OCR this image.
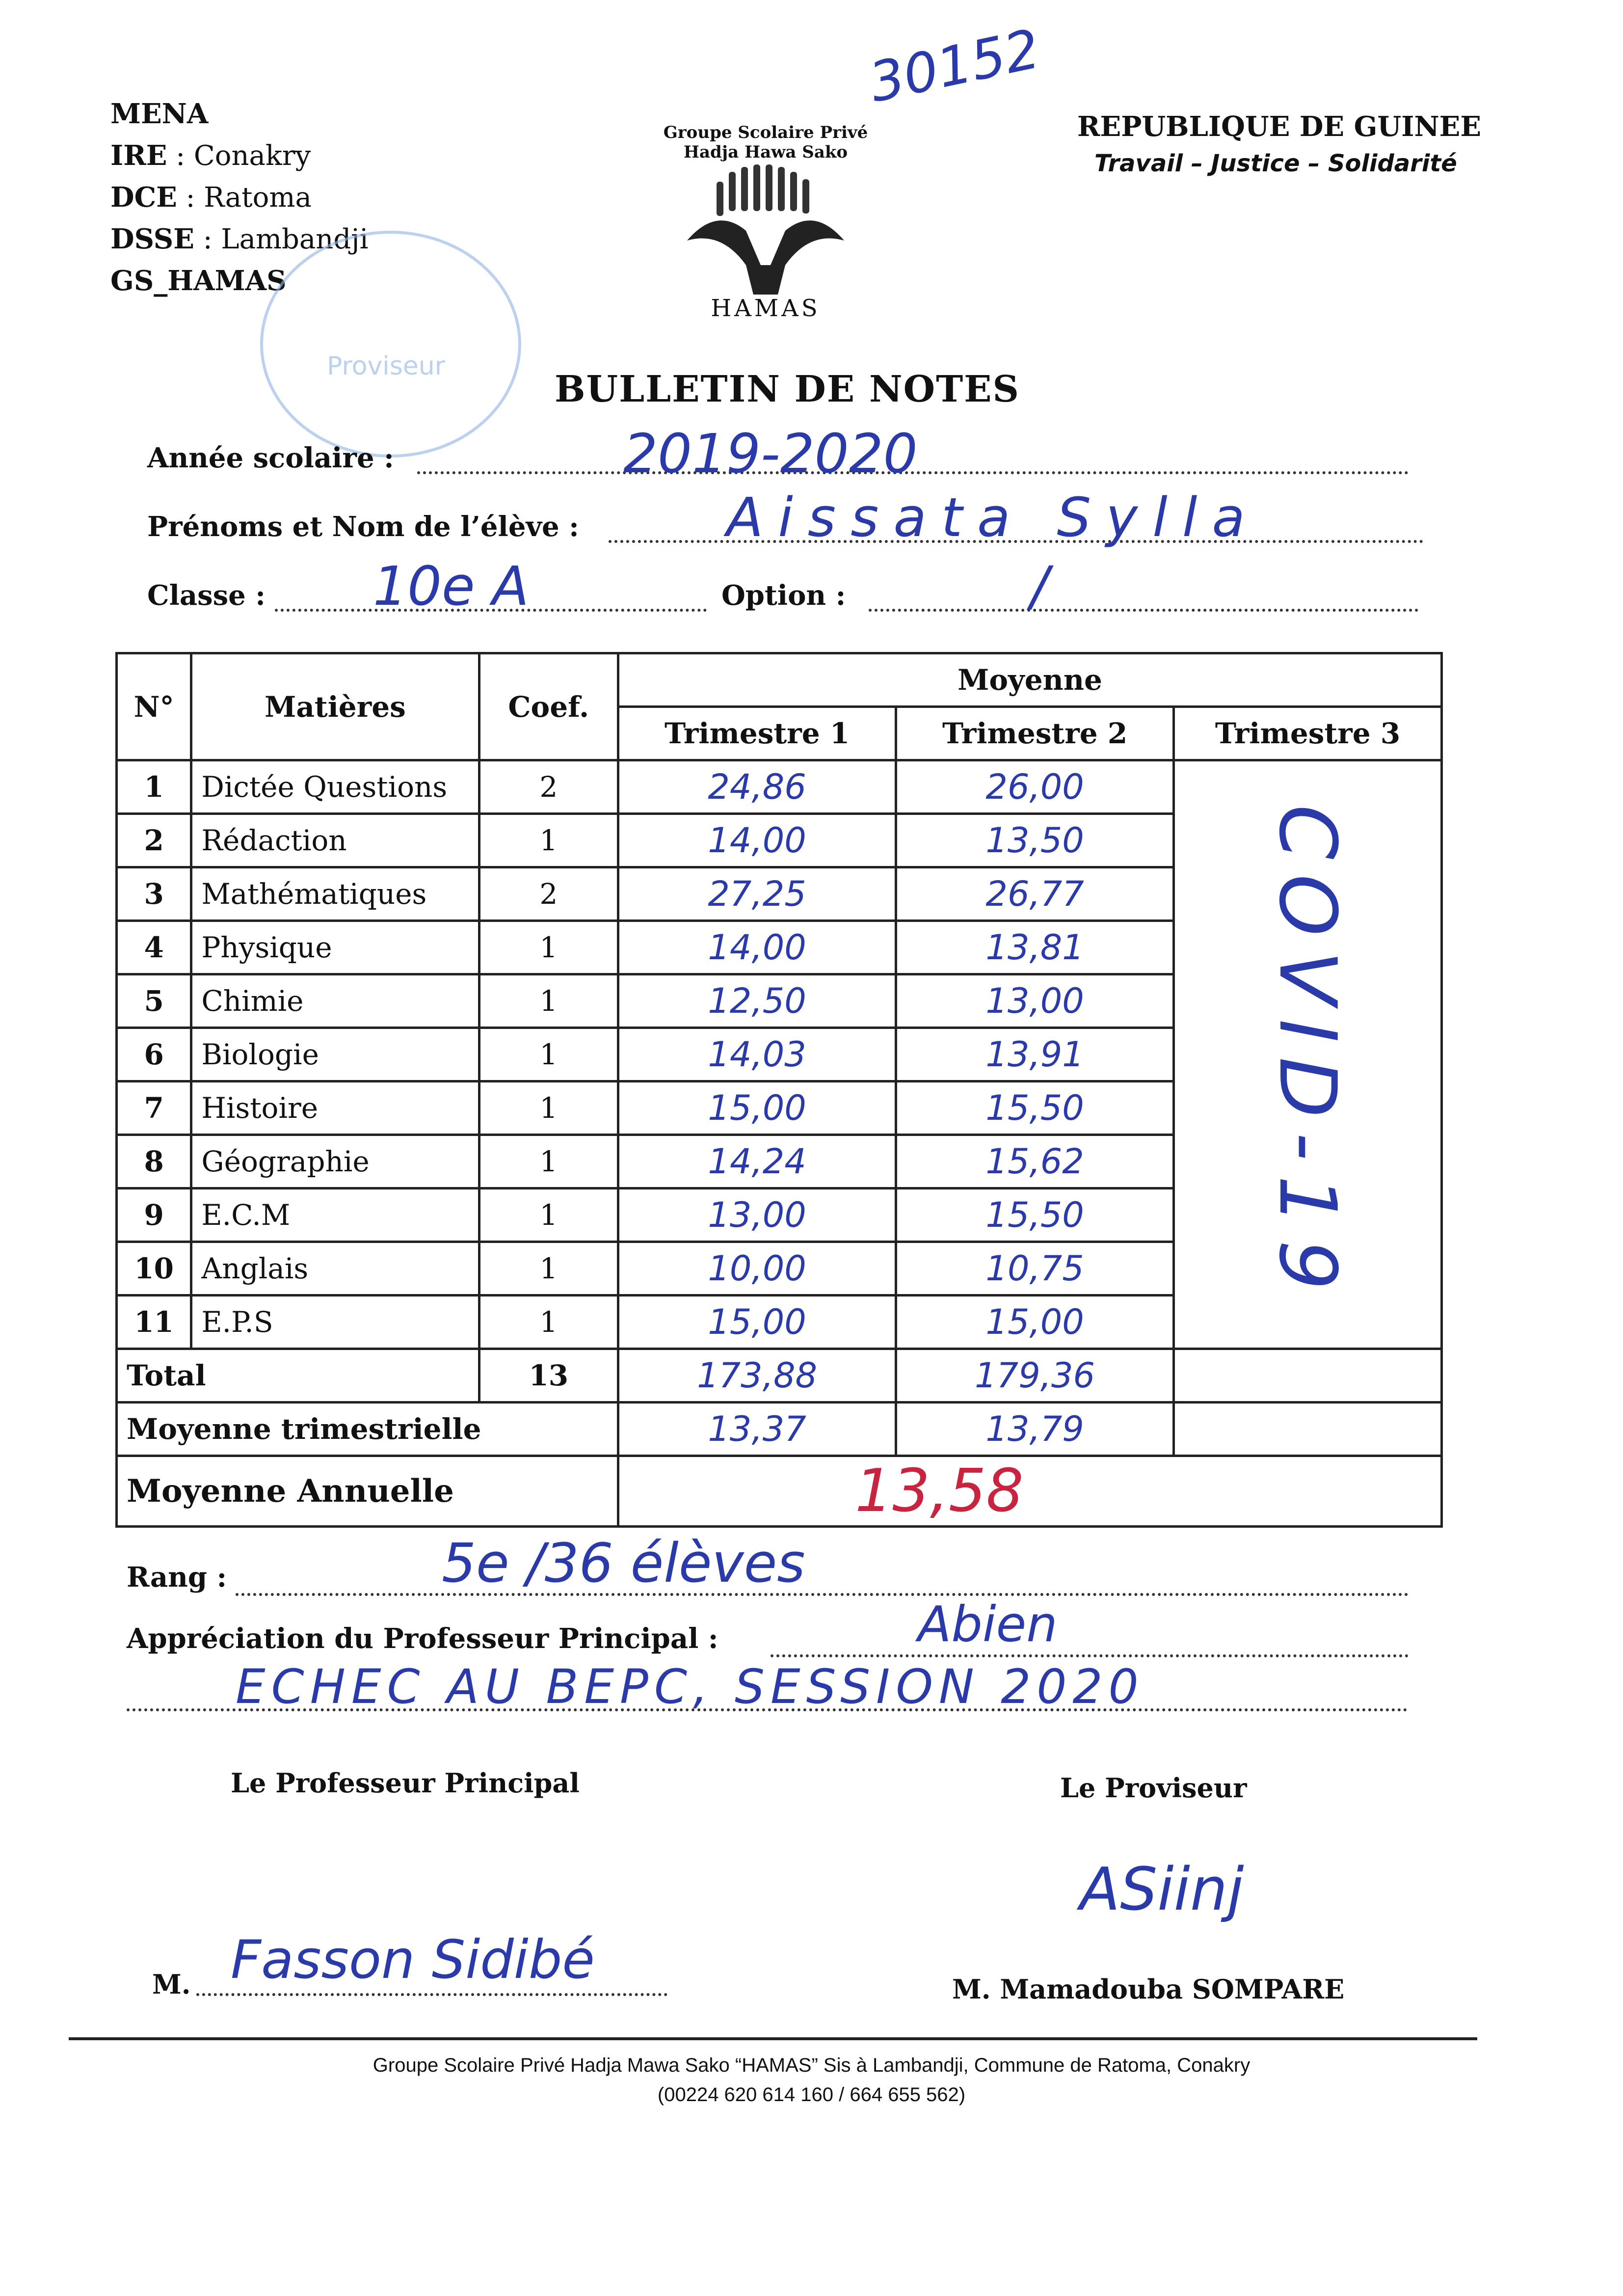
30152
MENA
IRE : Conakry
DCE : Ratoma
DSSE : Lambandji
GS_HAMAS
Proviseur
Groupe Scolaire Privé Hadja Hawa Sako
HAMAS
REPUBLIQUE DE GUINEE
Travail – Justice – Solidarité
BULLETIN DE NOTES
Année scolaire :	2019-2020
Prénoms et Nom de l’élève :	Aissata Sylla
Classe : 10e A	Option :	/
N°	Matières	Coef.	Moyenne		
			Trimestre 1	Trimestre 2	Trimestre 3
1	Dictée Questions	2	24,86	26,00	COVID-19

2	Rédaction	1	14,00	13,50	
3	Mathématiques	2	27,25	26,77	
4	Physique	1	14,00	13,81	
5	Chimie	1	12,50	13,00	
6	Biologie	1	14,03	13,91	
7	Histoire	1	15,00	15,50	
8	Géographie	1	14,24	15,62	
9	E.C.M	1	13,00	15,50	
10	Anglais	1	10,00	10,75	
11	E.P.S	1	15,00	15,00	
Total		13	173,88	179,36	
Moyenne trimestrielle			13,37	13,79	
Moyenne Annuelle			13,58		
Rang :	5e /36 élèves
Appréciation du Professeur Principal :	Abien
ECHEC AU BEPC, SESSION 2020
Le Professeur Principal
M. Fasson Sidibé
Le Proviseur
ASiinj
M. Mamadouba SOMPARE
Groupe Scolaire Privé Hadja Mawa Sako “HAMAS” Sis à Lambandji, Commune de Ratoma, Conakry
(00224 620 614 160 / 664 655 562)
